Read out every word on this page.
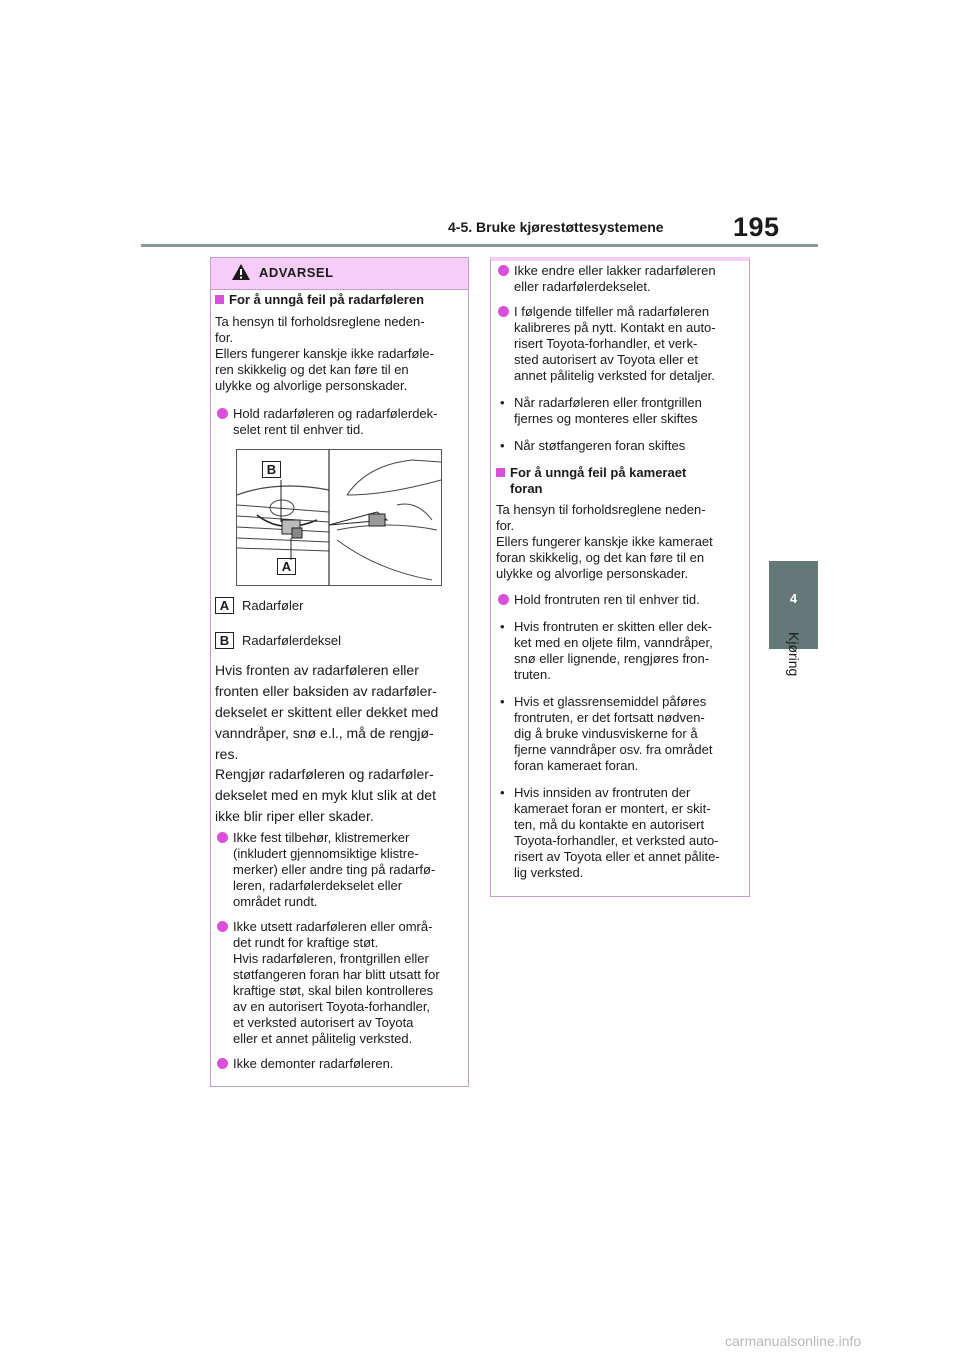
195
4-5. Bruke kjørestøttesystemene
4
Kjøring
ADVARSEL
For å unngå feil på radarføleren
Ta hensyn til forholdsreglene neden-
for.
Ellers fungerer kanskje ikke radarføle-
ren skikkelig og det kan føre til en
ulykke og alvorlige personskader.
Hold radarføleren og radarfølerdek-
selet rent til enhver tid.
B
A
A Radarføler
B Radarfølerdeksel
Hvis fronten av radarføleren eller
fronten eller baksiden av radarføler-
dekselet er skittent eller dekket med
vanndråper, snø e.l., må de rengjø-
res.
Rengjør radarføleren og radarføler-
dekselet med en myk klut slik at det
ikke blir riper eller skader.
Ikke fest tilbehør, klistremerker
(inkludert gjennomsiktige klistre-
merker) eller andre ting på radarfø-
leren, radarfølerdekselet eller
området rundt.
Ikke utsett radarføleren eller områ-
det rundt for kraftige støt.
Hvis radarføleren, frontgrillen eller
støtfangeren foran har blitt utsatt for
kraftige støt, skal bilen kontrolleres
av en autorisert Toyota-forhandler,
et verksted autorisert av Toyota
eller et annet pålitelig verksted.
Ikke demonter radarføleren.
Ikke endre eller lakker radarføleren
eller radarfølerdekselet.
I følgende tilfeller må radarføleren
kalibreres på nytt. Kontakt en auto-
risert Toyota-forhandler, et verk-
sted autorisert av Toyota eller et
annet pålitelig verksted for detaljer.
• Når radarføleren eller frontgrillen
fjernes og monteres eller skiftes
• Når støtfangeren foran skiftes
For å unngå feil på kameraet
foran
Ta hensyn til forholdsreglene neden-
for.
Ellers fungerer kanskje ikke kameraet
foran skikkelig, og det kan føre til en
ulykke og alvorlige personskader.
Hold frontruten ren til enhver tid.
• Hvis frontruten er skitten eller dek-
ket med en oljete film, vanndråper,
snø eller lignende, rengjøres fron-
truten.
• Hvis et glassrensemiddel påføres
frontruten, er det fortsatt nødven-
dig å bruke vindusviskerne for å
fjerne vanndråper osv. fra området
foran kameraet foran.
• Hvis innsiden av frontruten der
kameraet foran er montert, er skit-
ten, må du kontakte en autorisert
Toyota-forhandler, et verksted auto-
risert av Toyota eller et annet pålite-
lig verksted.
carmanualsonline.info
